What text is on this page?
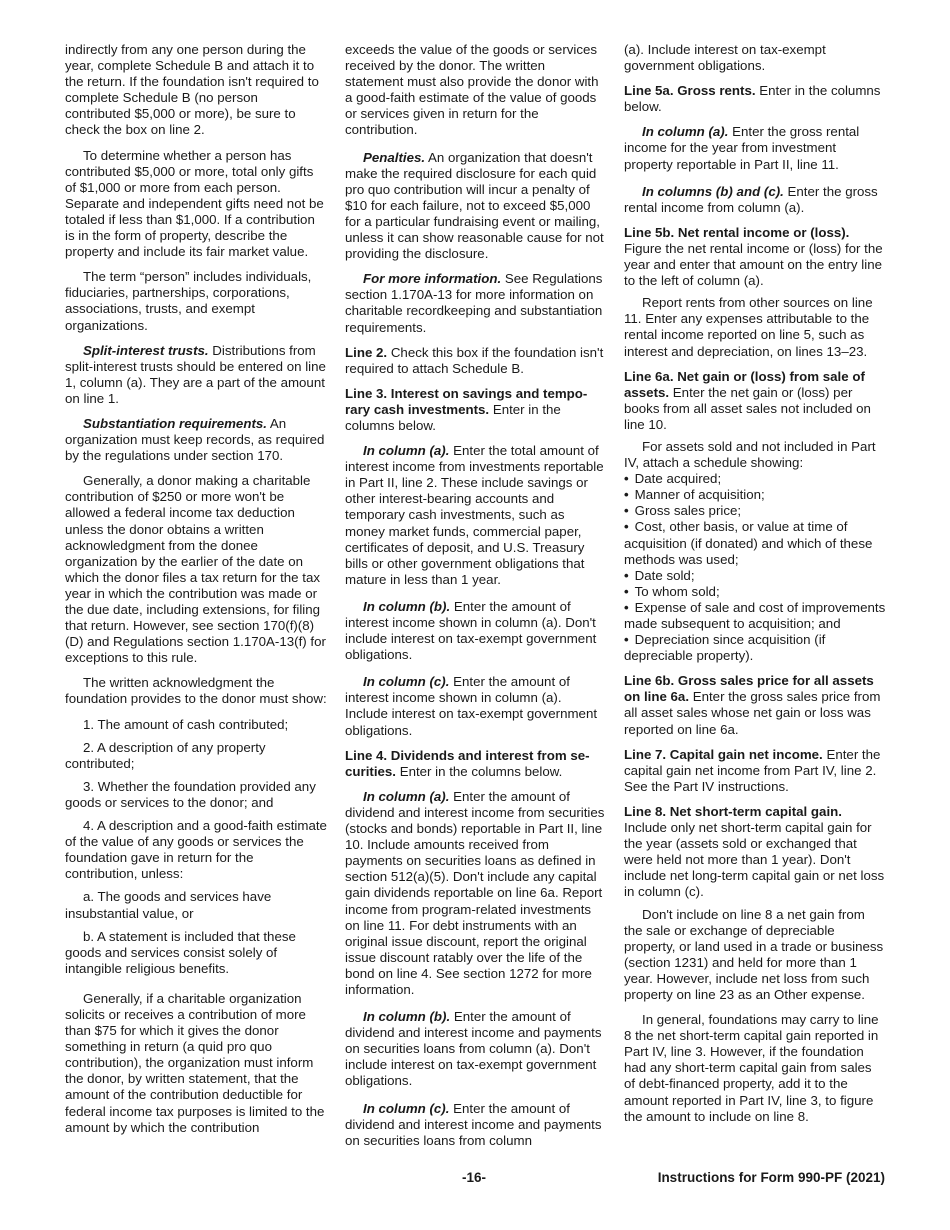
indirectly from any one person during the year, complete Schedule B and attach it to the return. If the foundation isn't required to complete Schedule B (no person contributed $5,000 or more), be sure to check the box on line 2.

To determine whether a person has contributed $5,000 or more, total only gifts of $1,000 or more from each person. Separate and independent gifts need not be totaled if less than $1,000. If a contribution is in the form of property, describe the property and include its fair market value.

The term “person” includes individuals, fiduciaries, partnerships, corporations, associations, trusts, and exempt organizations.

Split-interest trusts. Distributions from split-interest trusts should be entered on line 1, column (a). They are a part of the amount on line 1.

Substantiation requirements. An organization must keep records, as required by the regulations under section 170.

Generally, a donor making a charitable contribution of $250 or more won't be allowed a federal income tax deduction unless the donor obtains a written acknowledgment from the donee organization by the earlier of the date on which the donor files a tax return for the tax year in which the contribution was made or the due date, including extensions, for filing that return. However, see section 170(f)(8)(D) and Regulations section 1.170A-13(f) for exceptions to this rule.

The written acknowledgment the foundation provides to the donor must show:

1. The amount of cash contributed;

2. A description of any property contributed;

3. Whether the foundation provided any goods or services to the donor; and

4. A description and a good-faith estimate of the value of any goods or services the foundation gave in return for the contribution, unless:

a. The goods and services have insubstantial value, or

b. A statement is included that these goods and services consist solely of intangible religious benefits.

Generally, if a charitable organization solicits or receives a contribution of more than $75 for which it gives the donor something in return (a quid pro quo contribution), the organization must inform the donor, by written statement, that the amount of the contribution deductible for federal income tax purposes is limited to the amount by which the contribution

exceeds the value of the goods or services received by the donor. The written statement must also provide the donor with a good-faith estimate of the value of goods or services given in return for the contribution.

Penalties. An organization that doesn't make the required disclosure for each quid pro quo contribution will incur a penalty of $10 for each failure, not to exceed $5,000 for a particular fundraising event or mailing, unless it can show reasonable cause for not providing the disclosure.

For more information. See Regulations section 1.170A-13 for more information on charitable recordkeeping and substantiation requirements.

Line 2. Check this box if the foundation isn't required to attach Schedule B.

Line 3. Interest on savings and temporary cash investments. Enter in the columns below.

In column (a). Enter the total amount of interest income from investments reportable in Part II, line 2. These include savings or other interest-bearing accounts and temporary cash investments, such as money market funds, commercial paper, certificates of deposit, and U.S. Treasury bills or other government obligations that mature in less than 1 year.

In column (b). Enter the amount of interest income shown in column (a). Don't include interest on tax-exempt government obligations.

In column (c). Enter the amount of interest income shown in column (a). Include interest on tax-exempt government obligations.

Line 4. Dividends and interest from securities. Enter in the columns below.

In column (a). Enter the amount of dividend and interest income from securities (stocks and bonds) reportable in Part II, line 10. Include amounts received from payments on securities loans as defined in section 512(a)(5). Don't include any capital gain dividends reportable on line 6a. Report income from program-related investments on line 11. For debt instruments with an original issue discount, report the original issue discount ratably over the life of the bond on line 4. See section 1272 for more information.

In column (b). Enter the amount of dividend and interest income and payments on securities loans from column (a). Don't include interest on tax-exempt government obligations.

In column (c). Enter the amount of dividend and interest income and payments on securities loans from column

(a). Include interest on tax-exempt government obligations.

Line 5a. Gross rents. Enter in the columns below.

In column (a). Enter the gross rental income for the year from investment property reportable in Part II, line 11.

In columns (b) and (c). Enter the gross rental income from column (a).

Line 5b. Net rental income or (loss). Figure the net rental income or (loss) for the year and enter that amount on the entry line to the left of column (a).

Report rents from other sources on line 11. Enter any expenses attributable to the rental income reported on line 5, such as interest and depreciation, on lines 13–23.

Line 6a. Net gain or (loss) from sale of assets. Enter the net gain or (loss) per books from all asset sales not included on line 10.

For assets sold and not included in Part IV, attach a schedule showing:

• Date acquired;
• Manner of acquisition;
• Gross sales price;
• Cost, other basis, or value at time of acquisition (if donated) and which of these methods was used;
• Date sold;
• To whom sold;
• Expense of sale and cost of improvements made subsequent to acquisition; and
• Depreciation since acquisition (if depreciable property).

Line 6b. Gross sales price for all assets on line 6a. Enter the gross sales price from all asset sales whose net gain or loss was reported on line 6a.

Line 7. Capital gain net income. Enter the capital gain net income from Part IV, line 2. See the Part IV instructions.

Line 8. Net short-term capital gain. Include only net short-term capital gain for the year (assets sold or exchanged that were held not more than 1 year). Don't include net long-term capital gain or net loss in column (c).

Don't include on line 8 a net gain from the sale or exchange of depreciable property, or land used in a trade or business (section 1231) and held for more than 1 year. However, include net loss from such property on line 23 as an Other expense.

In general, foundations may carry to line 8 the net short-term capital gain reported in Part IV, line 3. However, if the foundation had any short-term capital gain from sales of debt-financed property, add it to the amount reported in Part IV, line 3, to figure the amount to include on line 8.

-16-	Instructions for Form 990-PF (2021)
